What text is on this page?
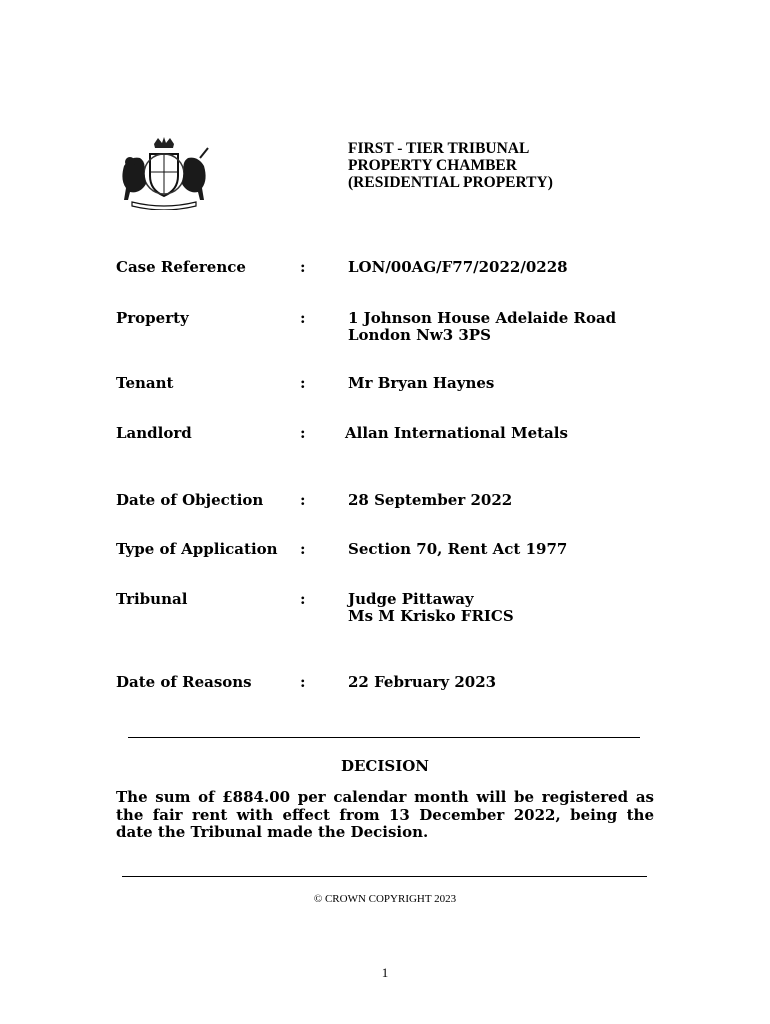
FIRST - TIER TRIBUNAL
PROPERTY CHAMBER
(RESIDENTIAL PROPERTY)
Case Reference	:	LON/00AG/F77/2022/0228
Property	:	1 Johnson House Adelaide Road
London Nw3 3PS
Tenant	:	Mr Bryan Haynes
Landlord	:	Allan International Metals
Date of Objection :	28 September 2022
Type of Application :	Section 70, Rent Act 1977
Tribunal	:	Judge Pittaway
Ms M Krisko FRICS
Date of Reasons	:	22 February 2023
DECISION
The sum of £884.00 per calendar month will be registered as the fair rent with effect from 13 December 2022, being the date the Tribunal made the Decision.
© CROWN COPYRIGHT 2023
1
